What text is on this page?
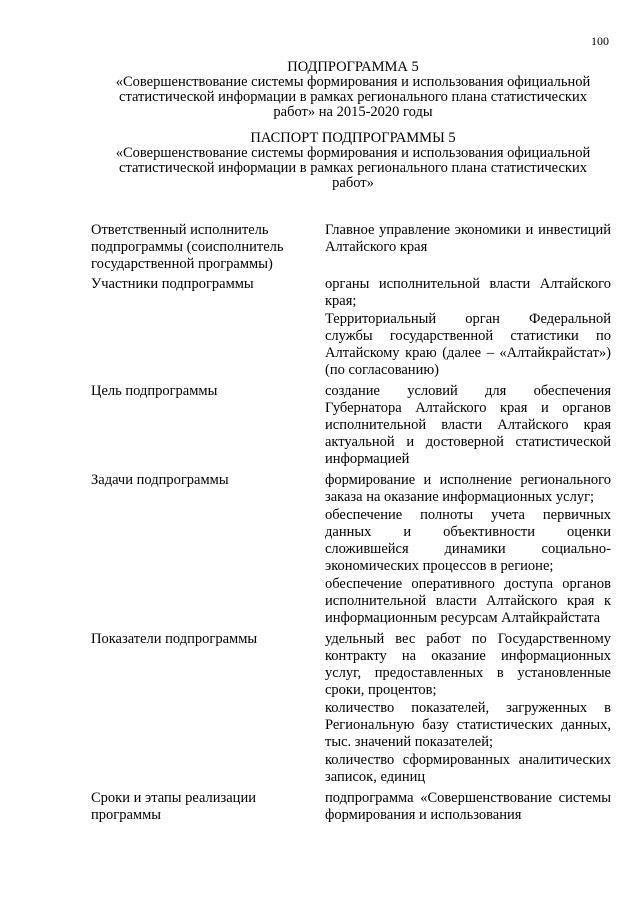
100
ПОДПРОГРАММА 5
«Совершенствование системы формирования и использования официальной
статистической информации в рамках регионального плана статистических
работ» на 2015-2020 годы
ПАСПОРТ ПОДПРОГРАММЫ 5
«Совершенствование системы формирования и использования официальной
статистической информации в рамках регионального плана статистических
работ»
Ответственный исполнитель подпрограммы (соисполнитель государственной программы)	Главное управление экономики и инвестиций Алтайского края

Участники подпрограммы	органы исполнительной власти Алтайского края;

Территориальный орган Федеральной службы государственной статистики по Алтайскому краю (далее – «Алтайкрайстат») (по согласованию)

Цель подпрограммы	создание условий для обеспечения Губернатора Алтайского края и органов исполнительной власти Алтайского края актуальной и достоверной статистической информацией

Задачи подпрограммы	формирование и исполнение регионального заказа на оказание информационных услуг;

обеспечение полноты учета первичных данных и объективности оценки сложившейся динамики социально-экономических процессов в регионе;

обеспечение оперативного доступа органов исполнительной власти Алтайского края к информационным ресурсам Алтайкрайстата

Показатели подпрограммы	удельный вес работ по Государственному контракту на оказание информационных услуг, предоставленных в установленные сроки, процентов;

количество показателей, загруженных в Региональную базу статистических данных, тыс. значений показателей;

количество сформированных аналитических записок, единиц

Сроки и этапы реализации программы	подпрограмма «Совершенствование системы формирования и использования
